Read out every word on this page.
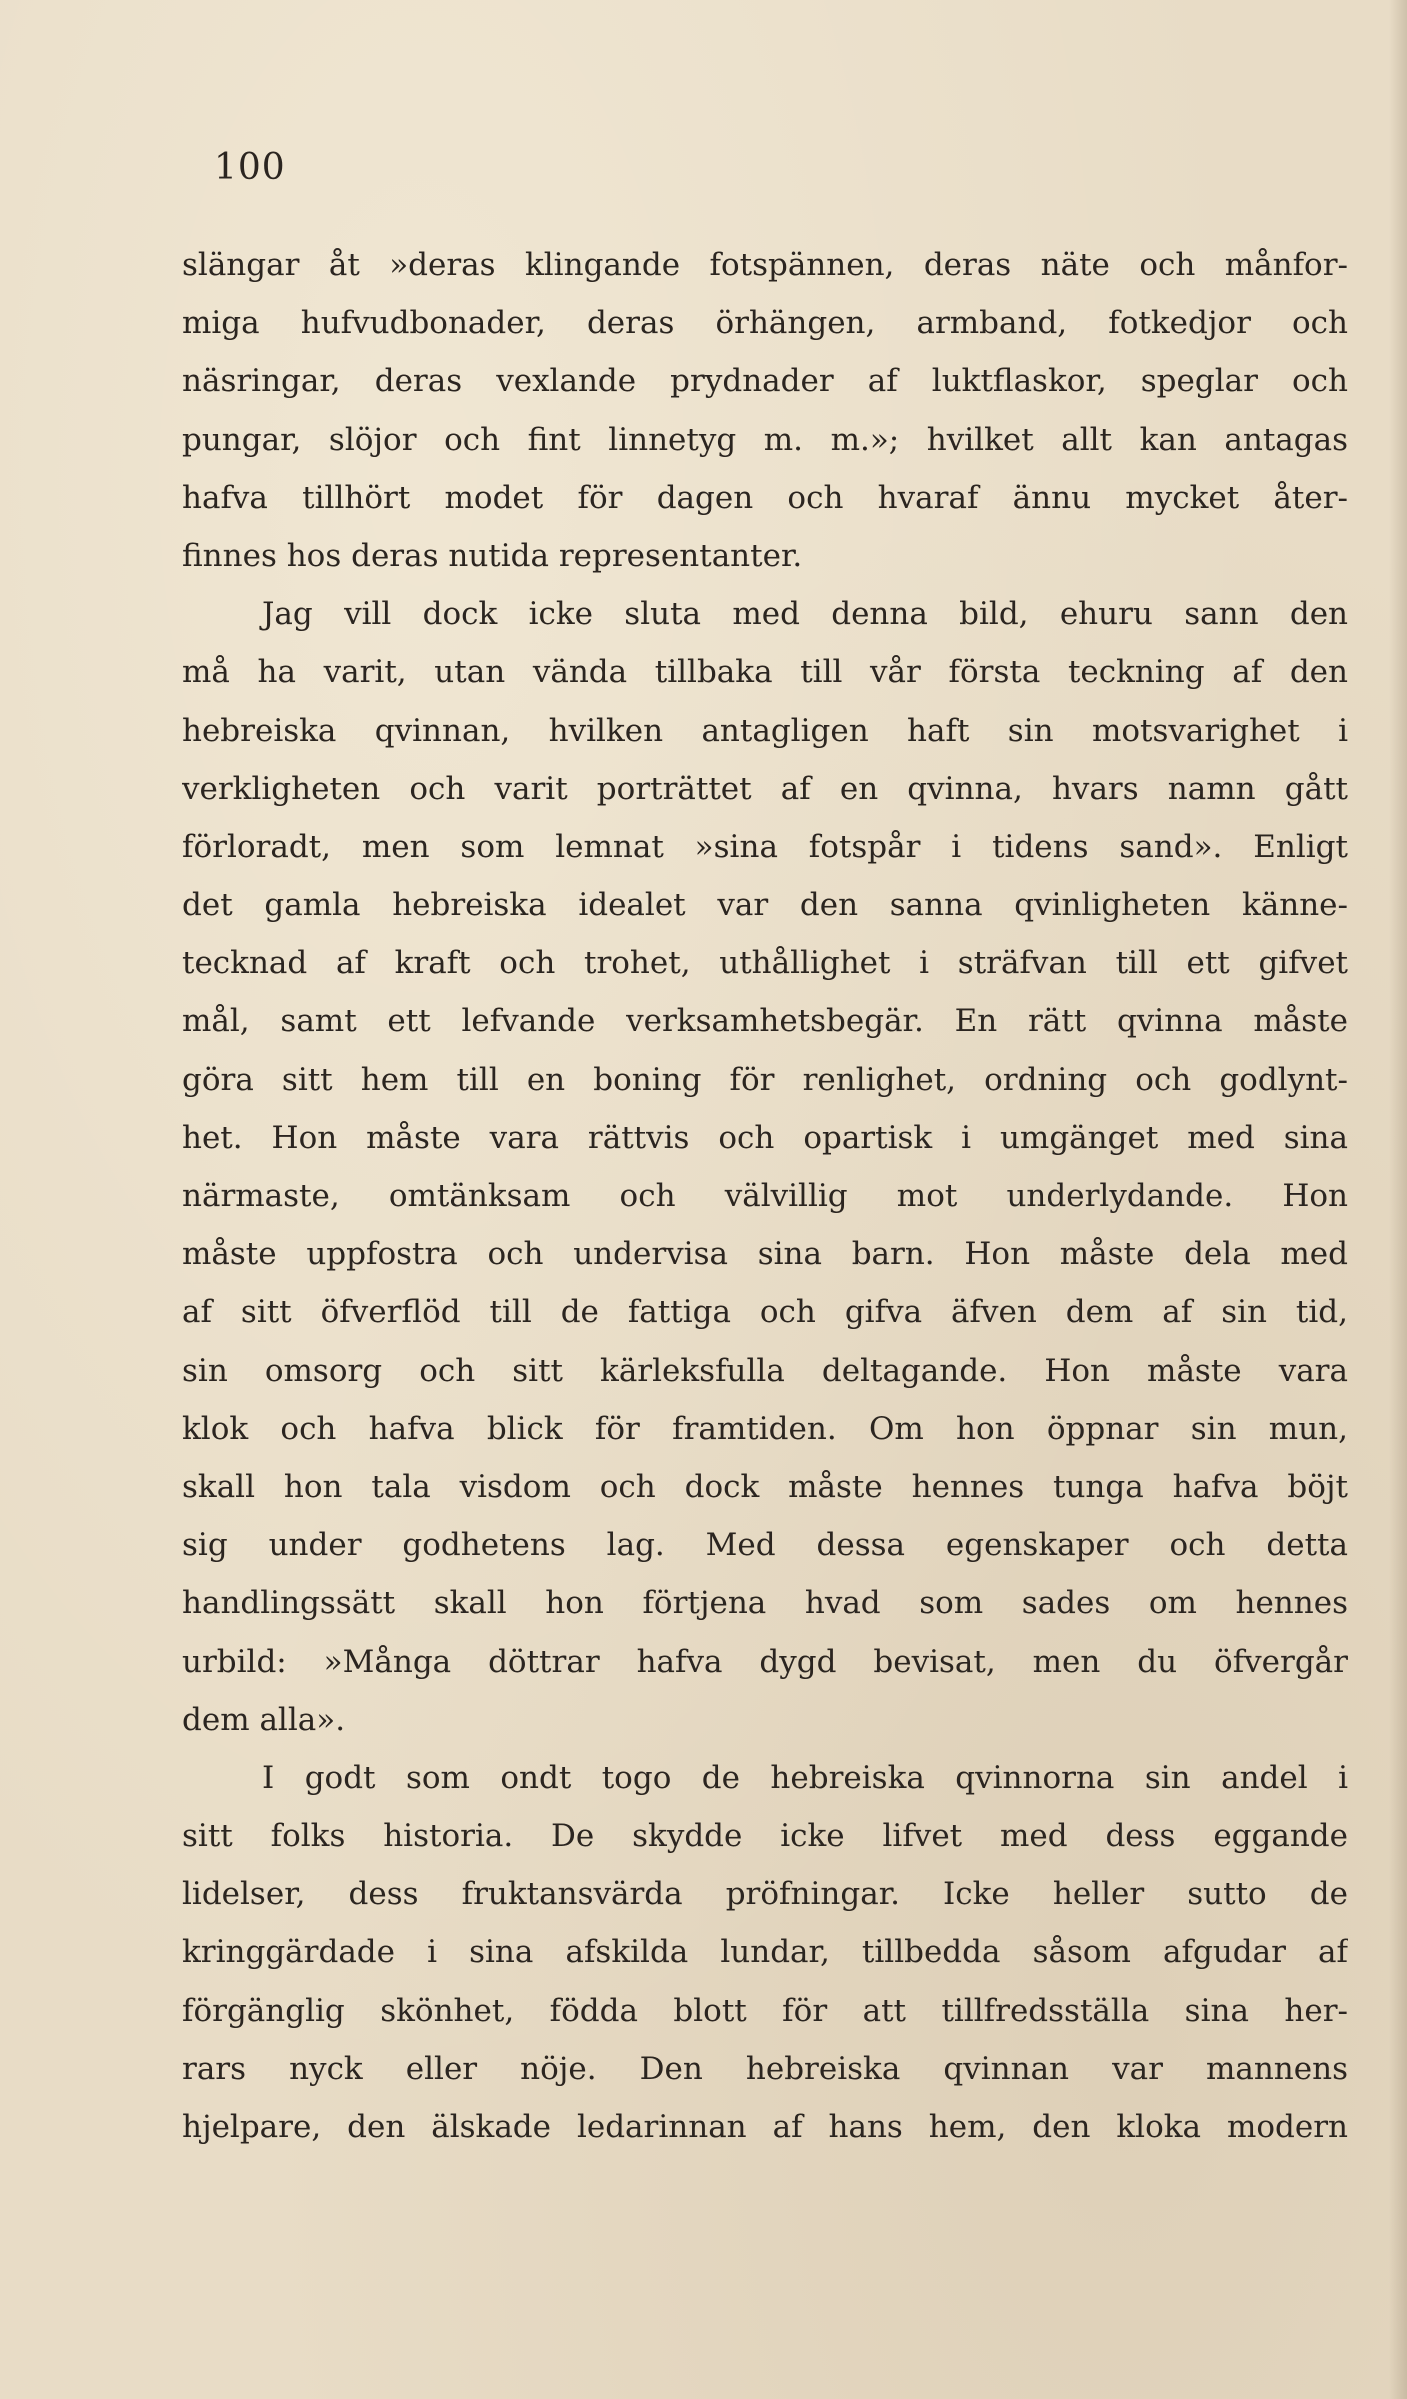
100
slängar åt »deras klingande fotspännen, deras näte och månfor-
miga hufvudbonader, deras örhängen, armband, fotkedjor och
näsringar, deras vexlande prydnader af luktflaskor, speglar och
pungar, slöjor och fint linnetyg m. m.»; hvilket allt kan antagas
hafva tillhört modet för dagen och hvaraf ännu mycket åter-
finnes hos deras nutida representanter.
Jag vill dock icke sluta med denna bild, ehuru sann den
må ha varit, utan vända tillbaka till vår första teckning af den
hebreiska qvinnan, hvilken antagligen haft sin motsvarighet i
verkligheten och varit porträttet af en qvinna, hvars namn gått
förloradt, men som lemnat »sina fotspår i tidens sand». Enligt
det gamla hebreiska idealet var den sanna qvinligheten känne-
tecknad af kraft och trohet, uthållighet i sträfvan till ett gifvet
mål, samt ett lefvande verksamhetsbegär. En rätt qvinna måste
göra sitt hem till en boning för renlighet, ordning och godlynt-
het. Hon måste vara rättvis och opartisk i umgänget med sina
närmaste, omtänksam och välvillig mot underlydande. Hon
måste uppfostra och undervisa sina barn. Hon måste dela med
af sitt öfverflöd till de fattiga och gifva äfven dem af sin tid,
sin omsorg och sitt kärleksfulla deltagande. Hon måste vara
klok och hafva blick för framtiden. Om hon öppnar sin mun,
skall hon tala visdom och dock måste hennes tunga hafva böjt
sig under godhetens lag. Med dessa egenskaper och detta
handlingssätt skall hon förtjena hvad som sades om hennes
urbild: »Många döttrar hafva dygd bevisat, men du öfvergår
dem alla».
I godt som ondt togo de hebreiska qvinnorna sin andel i
sitt folks historia. De skydde icke lifvet med dess eggande
lidelser, dess fruktansvärda pröfningar. Icke heller sutto de
kringgärdade i sina afskilda lundar, tillbedda såsom afgudar af
förgänglig skönhet, födda blott för att tillfredsställa sina her-
rars nyck eller nöje. Den hebreiska qvinnan var mannens
hjelpare, den älskade ledarinnan af hans hem, den kloka modern
